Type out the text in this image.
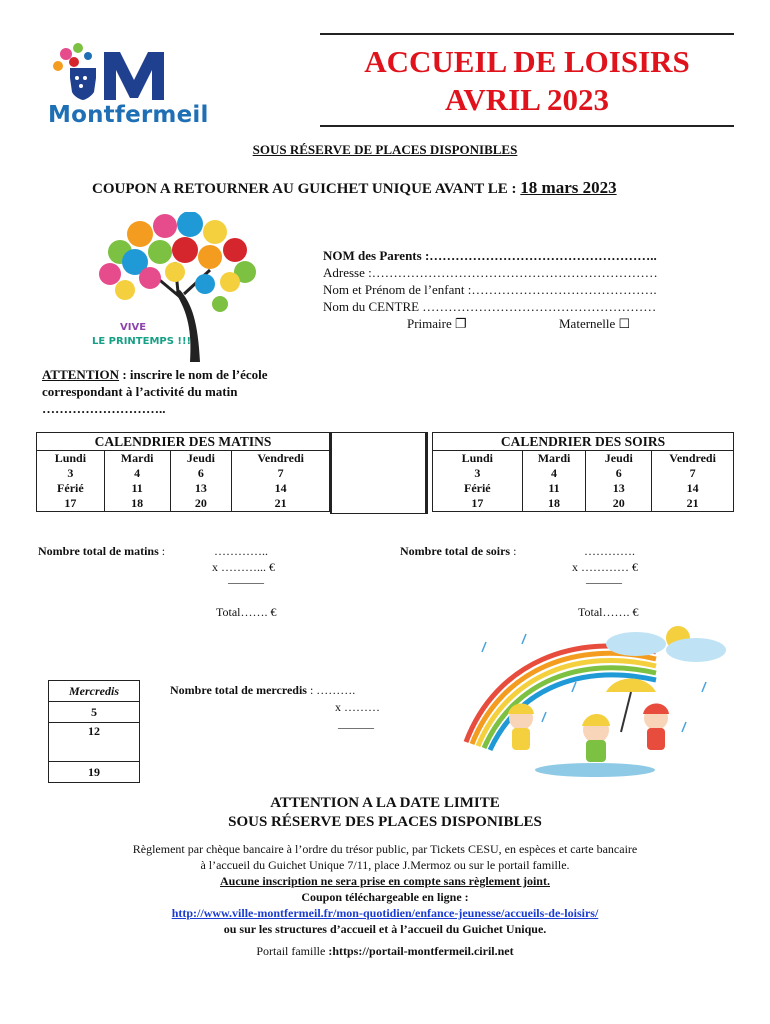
Montfermeil
ACCUEIL DE LOISIRS
AVRIL 2023
SOUS RÉSERVE DE PLACES DISPONIBLES
COUPON A RETOURNER AU GUICHET UNIQUE AVANT LE : 18 mars 2023
VIVE
LE PRINTEMPS !!!
NOM des Parents :……………………………………………..
Adresse :…………………………………………………………
Nom et Prénom de l’enfant :…………………………………….
Nom du CENTRE ………………………………………………
Primaire ❐	Maternelle ☐
ATTENTION : inscrire le nom de l’école correspondant à l’activité du matin ………………………..
CALENDRIER DES MATINS			
Lundi	Mardi	Jeudi	Vendredi
3	4	6	7
Férié	11	13	14
17	18	20	21
CALENDRIER DES SOIRS			
Lundi	Mardi	Jeudi	Vendredi
3	4	6	7
Férié	11	13	14
17	18	20	21
Nombre total de matins :	…………..
x ………... €
———
Total……. €
Nombre total de soirs :	………….
x ………… €
———
Total……. €
Mercredis
5
12
19
Nombre total de mercredis : ……….
x ………
———
ATTENTION A LA DATE LIMITE
SOUS RÉSERVE DES PLACES DISPONIBLES
Règlement par chèque bancaire à l’ordre du trésor public, par Tickets CESU, en espèces et carte bancaire
à l’accueil du Guichet Unique 7/11, place J.Mermoz ou sur le portail famille.
Aucune inscription ne sera prise en compte sans règlement joint.
Coupon téléchargeable en ligne :
http://www.ville-montfermeil.fr/mon-quotidien/enfance-jeunesse/accueils-de-loisirs/
ou sur les structures d’accueil et à l’accueil du Guichet Unique.
Portail famille :https://portail-montfermeil.ciril.net
